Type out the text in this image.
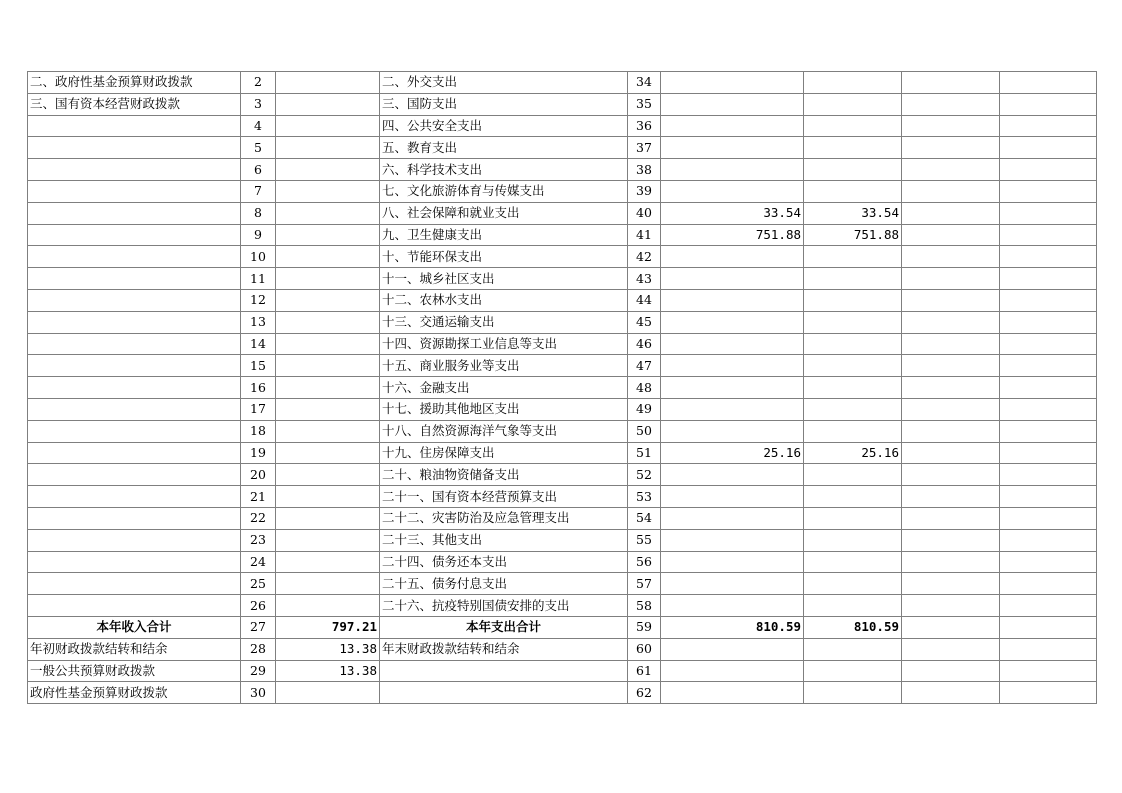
二、政府性基金预算财政拨款	2		二、外交支出	34				
三、国有资本经营财政拨款	3		三、国防支出	35				
	4		四、公共安全支出	36				
	5		五、教育支出	37				
	6		六、科学技术支出	38				
	7		七、文化旅游体育与传媒支出	39				
	8		八、社会保障和就业支出	40	33.54	33.54		
	9		九、卫生健康支出	41	751.88	751.88		
	10		十、节能环保支出	42				
	11		十一、城乡社区支出	43				
	12		十二、农林水支出	44				
	13		十三、交通运输支出	45				
	14		十四、资源勘探工业信息等支出	46				
	15		十五、商业服务业等支出	47				
	16		十六、金融支出	48				
	17		十七、援助其他地区支出	49				
	18		十八、自然资源海洋气象等支出	50				
	19		十九、住房保障支出	51	25.16	25.16		
	20		二十、粮油物资储备支出	52				
	21		二十一、国有资本经营预算支出	53				
	22		二十二、灾害防治及应急管理支出	54				
	23		二十三、其他支出	55				
	24		二十四、债务还本支出	56				
	25		二十五、债务付息支出	57				
	26		二十六、抗疫特别国债安排的支出	58				
本年收入合计	27	797.21	本年支出合计	59	810.59	810.59		
年初财政拨款结转和结余	28	13.38	年末财政拨款结转和结余	60				
一般公共预算财政拨款	29	13.38		61				
政府性基金预算财政拨款	30			62				
